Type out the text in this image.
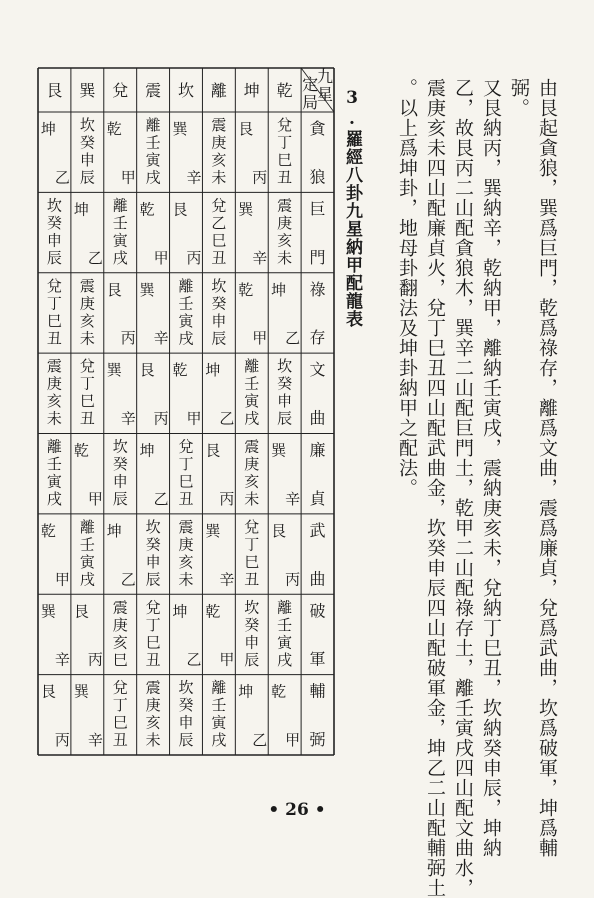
由艮起貪狼，巽爲巨門，乾爲祿存，離爲文曲，震爲廉貞，兌爲武曲，坎爲破軍，坤爲輔
弼。
又艮納丙，巽納辛，乾納甲，離納壬寅戌，震納庚亥未，兌納丁巳丑，坎納癸申辰，坤納
乙，故艮丙二山配貪狼木，巽辛二山配巨門土，乾甲二山配祿存土，離壬寅戌四山配文曲水，
震庚亥未四山配廉貞火，兌丁巳丑四山配武曲金，坎癸申辰四山配破軍金，坤乙二山配輔弼土
。以上爲坤卦，地母卦翻法及坤卦納甲之配法。
3.羅經八卦九星納甲配龍表
九
星
定
局
貪
狼
巨
門
祿
存
文
曲
廉
貞
武
曲
破
軍
輔
弼
乾
兌
丁
巳
丑
震
庚
亥
未
坤
乙
坎
癸
申
辰
巽
辛
艮
丙
離
壬
寅
戌
乾
甲
坤
艮
丙
巽
辛
乾
甲
離
壬
寅
戌
震
庚
亥
未
兌
丁
巳
丑
坎
癸
申
辰
坤
乙
離
震
庚
亥
未
兌
乙
巳
丑
坎
癸
申
辰
坤
乙
艮
丙
巽
辛
乾
甲
離
壬
寅
戌
坎
巽
辛
艮
丙
離
壬
寅
戌
乾
甲
兌
丁
巳
丑
震
庚
亥
未
坤
乙
坎
癸
申
辰
震
離
壬
寅
戌
乾
甲
巽
辛
艮
丙
坤
乙
坎
癸
申
辰
兌
丁
巳
丑
震
庚
亥
未
兌
乾
甲
離
壬
寅
戌
艮
丙
巽
辛
坎
癸
申
辰
坤
乙
震
庚
亥
巳
兌
丁
巳
丑
巽
坎
癸
申
辰
坤
乙
震
庚
亥
未
兌
丁
巳
丑
乾
甲
離
壬
寅
戌
艮
丙
巽
辛
艮
坤
乙
坎
癸
申
辰
兌
丁
巳
丑
震
庚
亥
未
離
壬
寅
戌
乾
甲
巽
辛
艮
丙
• 26 •
